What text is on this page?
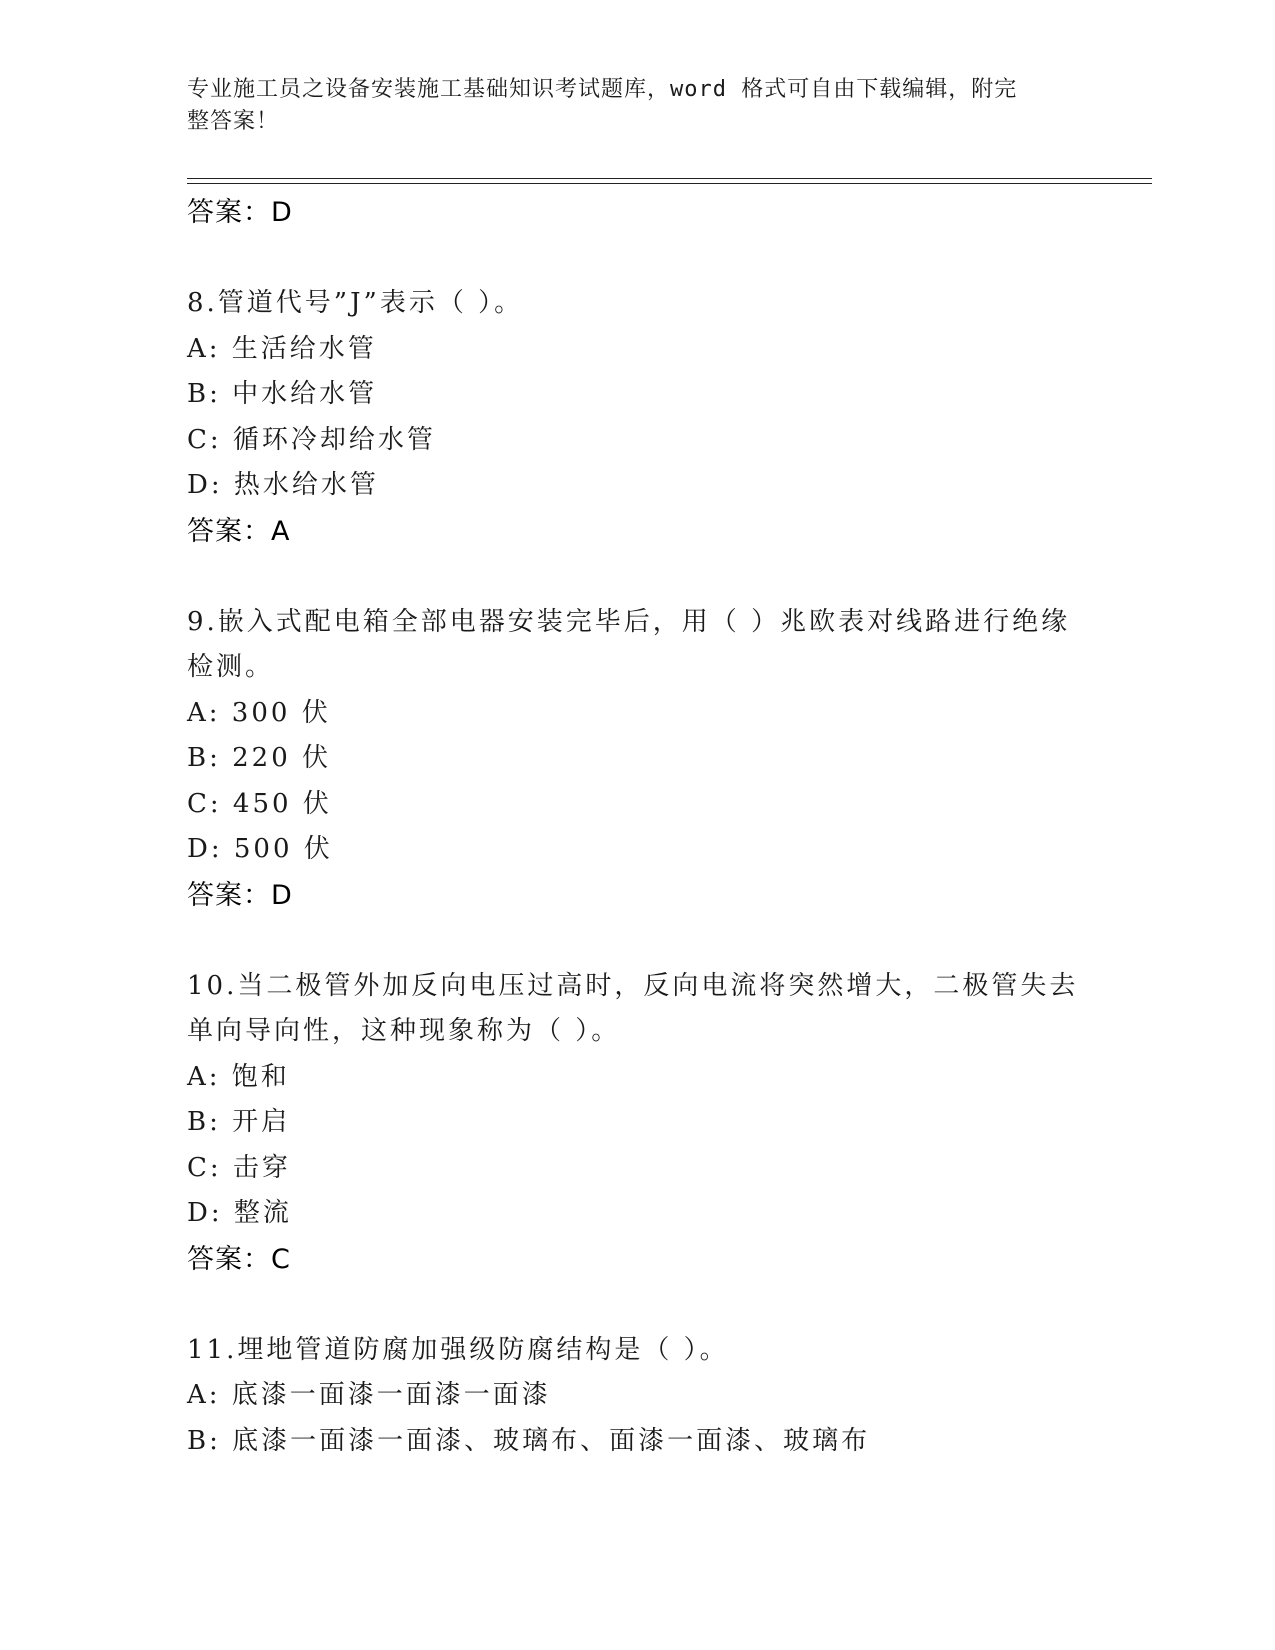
专业施工员之设备安装施工基础知识考试题库，word 格式可自由下载编辑，附完
整答案！
答案：D
8.管道代号”J”表示（ ）。
A: 生活给水管
B: 中水给水管
C: 循环冷却给水管
D: 热水给水管
答案：A
9.嵌入式配电箱全部电器安装完毕后，用（ ）兆欧表对线路进行绝缘
检测。
A: 300 伏
B: 220 伏
C: 450 伏
D: 500 伏
答案：D
10.当二极管外加反向电压过高时，反向电流将突然增大，二极管失去
单向导向性，这种现象称为（ ）。
A: 饱和
B: 开启
C: 击穿
D: 整流
答案：C
11.埋地管道防腐加强级防腐结构是（ ）。
A: 底漆一面漆一面漆一面漆
B: 底漆一面漆一面漆、玻璃布、面漆一面漆、玻璃布
